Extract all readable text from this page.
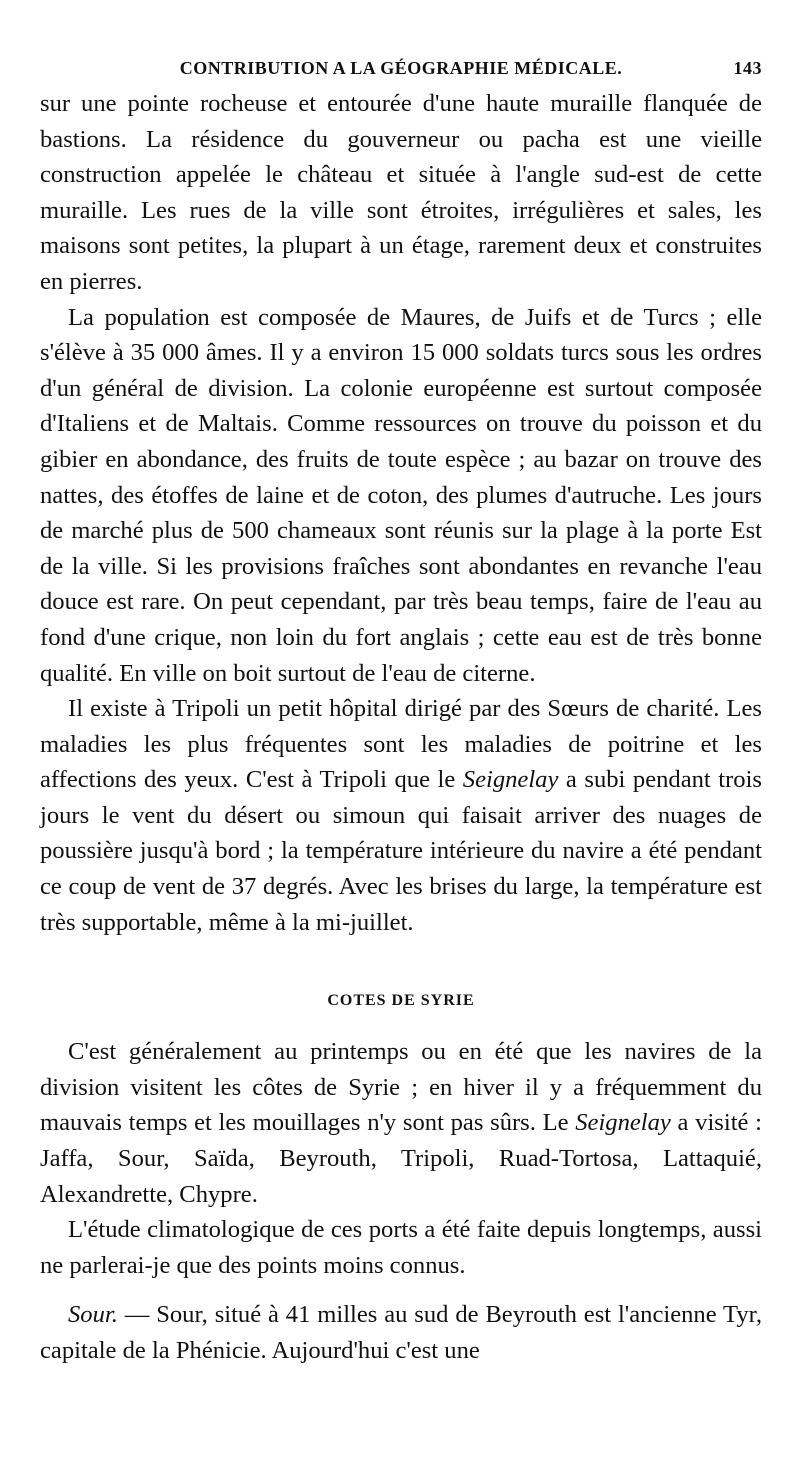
CONTRIBUTION A LA GÉOGRAPHIE MÉDICALE.	143

sur une pointe rocheuse et entourée d'une haute muraille flanquée de bastions. La résidence du gouverneur ou pacha est une vieille construction appelée le château et située à l'angle sud-est de cette muraille. Les rues de la ville sont étroites, irrégulières et sales, les maisons sont petites, la plupart à un étage, rarement deux et construites en pierres.

La population est composée de Maures, de Juifs et de Turcs ; elle s'élève à 35 000 âmes. Il y a environ 15 000 soldats turcs sous les ordres d'un général de division. La colonie européenne est surtout composée d'Italiens et de Maltais. Comme ressources on trouve du poisson et du gibier en abondance, des fruits de toute espèce ; au bazar on trouve des nattes, des étoffes de laine et de coton, des plumes d'autruche. Les jours de marché plus de 500 chameaux sont réunis sur la plage à la porte Est de la ville. Si les provisions fraîches sont abondantes en revanche l'eau douce est rare. On peut cependant, par très beau temps, faire de l'eau au fond d'une crique, non loin du fort anglais ; cette eau est de très bonne qualité. En ville on boit surtout de l'eau de citerne.

Il existe à Tripoli un petit hôpital dirigé par des Sœurs de charité. Les maladies les plus fréquentes sont les maladies de poitrine et les affections des yeux. C'est à Tripoli que le Seignelay a subi pendant trois jours le vent du désert ou simoun qui faisait arriver des nuages de poussière jusqu'à bord ; la température intérieure du navire a été pendant ce coup de vent de 37 degrés. Avec les brises du large, la température est très supportable, même à la mi-juillet.

COTES DE SYRIE

C'est généralement au printemps ou en été que les navires de la division visitent les côtes de Syrie ; en hiver il y a fréquemment du mauvais temps et les mouillages n'y sont pas sûrs. Le Seignelay a visité : Jaffa, Sour, Saïda, Beyrouth, Tripoli, Ruad-Tortosa, Lattaquié, Alexandrette, Chypre.

L'étude climatologique de ces ports a été faite depuis longtemps, aussi ne parlerai-je que des points moins connus.

Sour. — Sour, situé à 41 milles au sud de Beyrouth est l'ancienne Tyr, capitale de la Phénicie. Aujourd'hui c'est une
